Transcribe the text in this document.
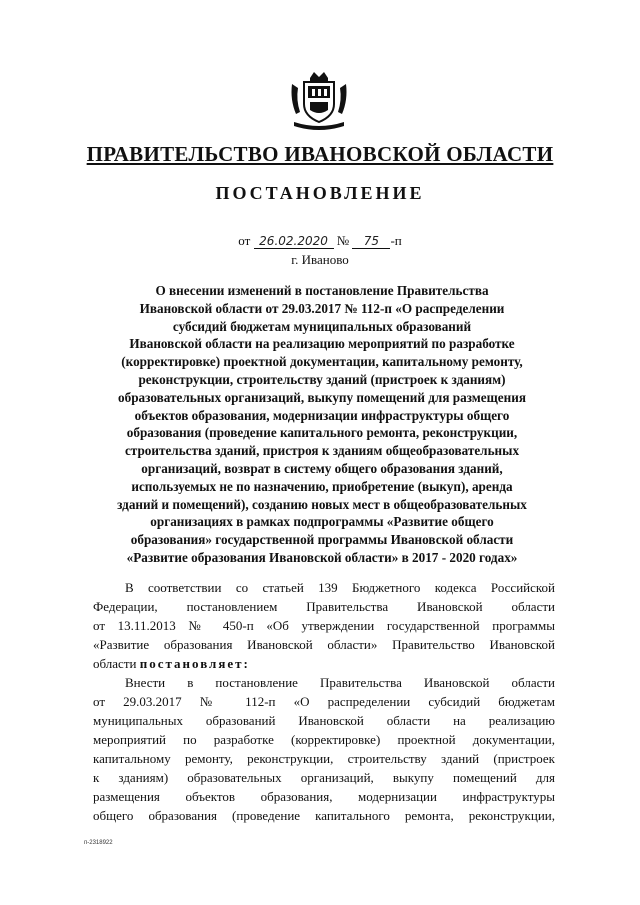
ПРАВИТЕЛЬСТВО ИВАНОВСКОЙ ОБЛАСТИ
ПОСТАНОВЛЕНИЕ
от 26.02.2020 № 75 -п
г. Иваново
О внесении изменений в постановление Правительства
Ивановской области от 29.03.2017 № 112-п «О распределении
субсидий бюджетам муниципальных образований
Ивановской области на реализацию мероприятий по разработке
(корректировке) проектной документации, капитальному ремонту,
реконструкции, строительству зданий (пристроек к зданиям)
образовательных организаций, выкупу помещений для размещения
объектов образования, модернизации инфраструктуры общего
образования (проведение капитального ремонта, реконструкции,
строительства зданий, пристроя к зданиям общеобразовательных
организаций, возврат в систему общего образования зданий,
используемых не по назначению, приобретение (выкуп), аренда
зданий и помещений), созданию новых мест в общеобразовательных
организациях в рамках подпрограммы «Развитие общего
образования» государственной программы Ивановской области
«Развитие образования Ивановской области» в 2017 - 2020 годах»
В соответствии со статьей 139 Бюджетного кодекса Российской
Федерации, постановлением Правительства Ивановской области
от 13.11.2013 № 450-п «Об утверждении государственной программы
«Развитие образования Ивановской области» Правительство Ивановской
области постановляет:
Внести в постановление Правительства Ивановской области
от 29.03.2017 № 112-п «О распределении субсидий бюджетам
муниципальных образований Ивановской области на реализацию
мероприятий по разработке (корректировке) проектной документации,
капитальному ремонту, реконструкции, строительству зданий (пристроек
к зданиям) образовательных организаций, выкупу помещений для
размещения объектов образования, модернизации инфраструктуры
общего образования (проведение капитального ремонта, реконструкции,
п-2318922
